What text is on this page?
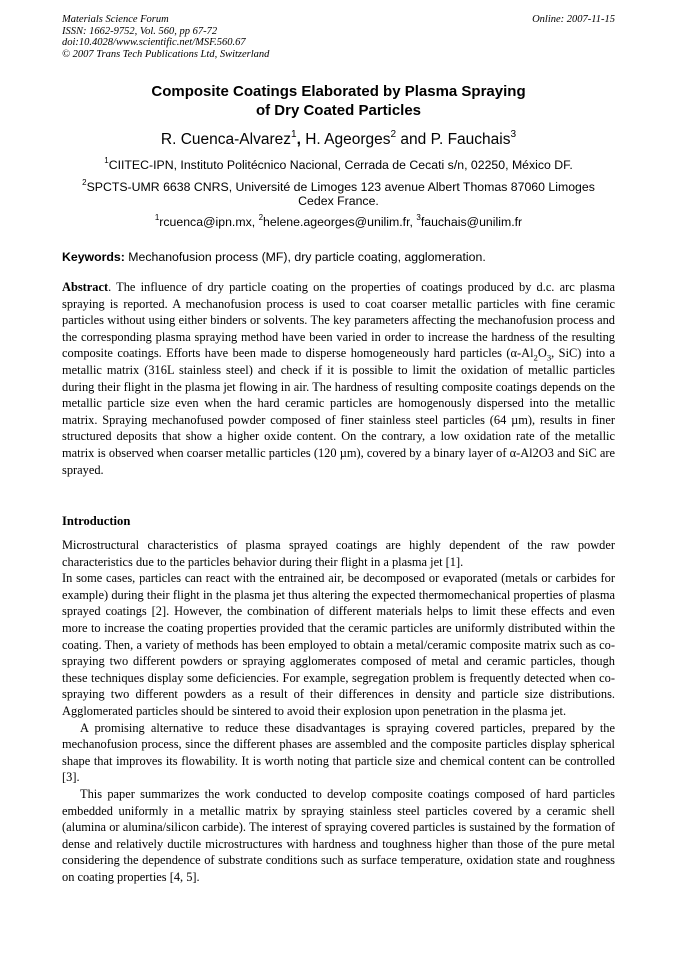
Materials Science Forum
ISSN: 1662-9752, Vol. 560, pp 67-72
doi:10.4028/www.scientific.net/MSF.560.67
© 2007 Trans Tech Publications Ltd, Switzerland
Online: 2007-11-15
Composite Coatings Elaborated by Plasma Spraying
of Dry Coated Particles
R. Cuenca-Alvarez$^1$, H. Ageorges$^2$ and P. Fauchais$^3$
$^1$CIITEC-IPN, Instituto Politécnico Nacional, Cerrada de Cecati s/n, 02250, México DF.
$^2$SPCTS-UMR 6638 CNRS, Université de Limoges 123 avenue Albert Thomas 87060 Limoges
Cedex France.
$^1$rcuenca@ipn.mx, $^2$helene.ageorges@unilim.fr, $^3$fauchais@unilim.fr
Keywords: Mechanofusion process (MF), dry particle coating, agglomeration.
Abstract. The influence of dry particle coating on the properties of coatings produced by d.c. arc plasma spraying is reported. A mechanofusion process is used to coat coarser metallic particles with fine ceramic particles without using either binders or solvents. The key parameters affecting the mechanofusion process and the corresponding plasma spraying method have been varied in order to increase the hardness of the resulting composite coatings. Efforts have been made to disperse homogeneously hard particles ($\alpha-Al_2O_3$, SiC) into a metallic matrix (316L stainless steel) and check if it is possible to limit the oxidation of metallic particles during their flight in the plasma jet flowing in air. The hardness of resulting composite coatings depends on the metallic particle size even when the hard ceramic particles are homogenously dispersed into the metallic matrix. Spraying mechanofused powder composed of finer stainless steel particles (64 µm), results in finer structured deposits that show a higher oxide content. On the contrary, a low oxidation rate of the metallic matrix is observed when coarser metallic particles (120 µm), covered by a binary layer of α-Al2O3 and SiC are sprayed.
Introduction

Microstructural characteristics of plasma sprayed coatings are highly dependent of the raw powder characteristics due to the particles behavior during their flight in a plasma jet [1].

In some cases, particles can react with the entrained air, be decomposed or evaporated (metals or carbides for example) during their flight in the plasma jet thus altering the expected thermomechanical properties of plasma sprayed coatings [2]. However, the combination of different materials helps to limit these effects and even more to increase the coating properties provided that the ceramic particles are uniformly distributed within the coating. Then, a variety of methods has been employed to obtain a metal/ceramic composite matrix such as co-spraying two different powders or spraying agglomerates composed of metal and ceramic particles, though these techniques display some deficiencies. For example, segregation problem is frequently detected when co-spraying two different powders as a result of their differences in density and particle size distributions. Agglomerated particles should be sintered to avoid their explosion upon penetration in the plasma jet.

A promising alternative to reduce these disadvantages is spraying covered particles, prepared by the mechanofusion process, since the different phases are assembled and the composite particles display spherical shape that improves its flowability. It is worth noting that particle size and chemical content can be controlled [3].

This paper summarizes the work conducted to develop composite coatings composed of hard particles embedded uniformly in a metallic matrix by spraying stainless steel particles covered by a ceramic shell (alumina or alumina/silicon carbide). The interest of spraying covered particles is sustained by the formation of dense and relatively ductile microstructures with hardness and toughness higher than those of the pure metal considering the dependence of substrate conditions such as surface temperature, oxidation state and roughness on coating properties [4, 5].
